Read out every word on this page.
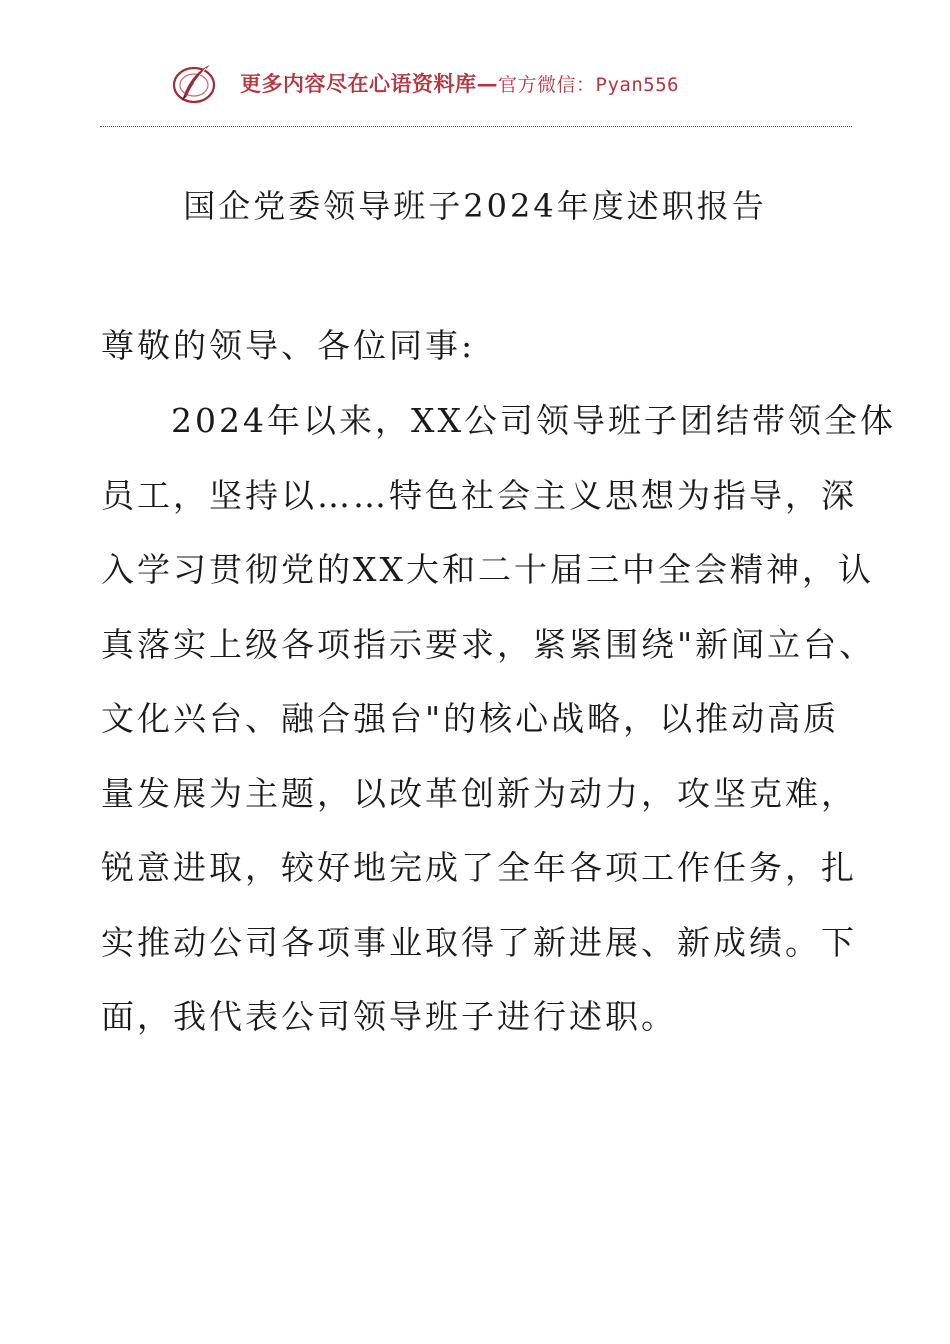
更多内容尽在心语资料库—官方微信：Pyan556
国企党委领导班子2024年度述职报告

尊敬的领导、各位同事:

2024年以来，XX公司领导班子团结带领全体
员工，坚持以……特色社会主义思想为指导，深
入学习贯彻党的XX大和二十届三中全会精神，认
真落实上级各项指示要求，紧紧围绕"新闻立台、
文化兴台、融合强台"的核心战略，以推动高质
量发展为主题，以改革创新为动力，攻坚克难，
锐意进取，较好地完成了全年各项工作任务，扎
实推动公司各项事业取得了新进展、新成绩。下
面，我代表公司领导班子进行述职。
